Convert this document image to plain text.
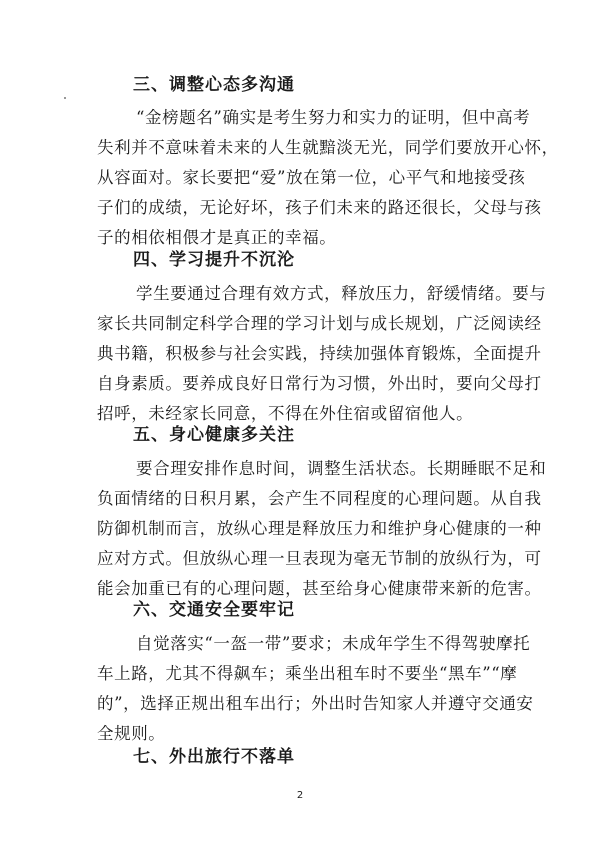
三、调整心态多沟通
“金榜题名”确实是考生努力和实力的证明，但中高考
失利并不意味着未来的人生就黯淡无光，同学们要放开心怀，
从容面对。家长要把“爱”放在第一位，心平气和地接受孩
子们的成绩，无论好坏，孩子们未来的路还很长，父母与孩
子的相依相偎才是真正的幸福。
四、学习提升不沉沦
学生要通过合理有效方式，释放压力，舒缓情绪。要与
家长共同制定科学合理的学习计划与成长规划，广泛阅读经
典书籍，积极参与社会实践，持续加强体育锻炼，全面提升
自身素质。要养成良好日常行为习惯，外出时，要向父母打
招呼，未经家长同意，不得在外住宿或留宿他人。
五、身心健康多关注
要合理安排作息时间，调整生活状态。长期睡眠不足和
负面情绪的日积月累，会产生不同程度的心理问题。从自我
防御机制而言，放纵心理是释放压力和维护身心健康的一种
应对方式。但放纵心理一旦表现为毫无节制的放纵行为，可
能会加重已有的心理问题，甚至给身心健康带来新的危害。
六、交通安全要牢记
自觉落实“一盔一带”要求；未成年学生不得驾驶摩托
车上路，尤其不得飙车；乘坐出租车时不要坐“黑车”“摩
的”，选择正规出租车出行；外出时告知家人并遵守交通安
全规则。
七、外出旅行不落单
2
